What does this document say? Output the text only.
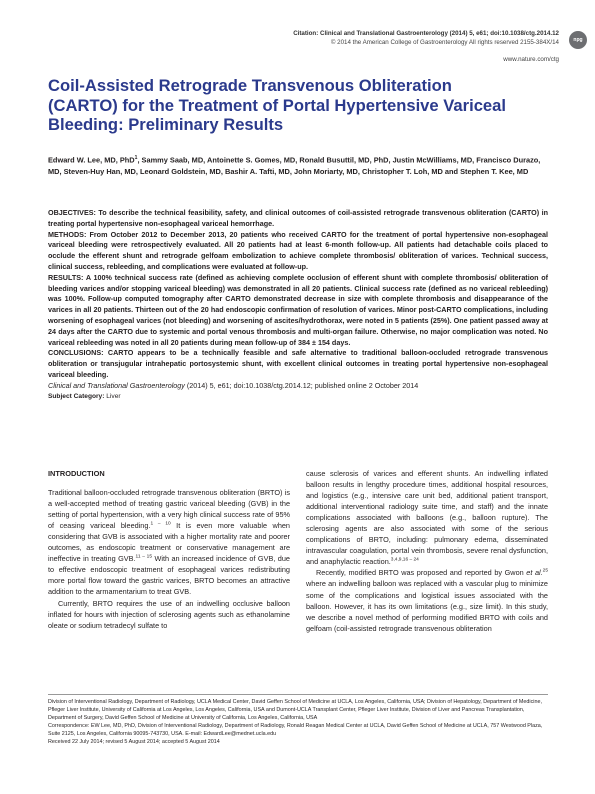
Citation: Clinical and Translational Gastroenterology (2014) 5, e61; doi:10.1038/ctg.2014.12
© 2014 the American College of Gastroenterology All rights reserved 2155-384X/14	npg
www.nature.com/ctg
Coil-Assisted Retrograde Transvenous Obliteration (CARTO) for the Treatment of Portal Hypertensive Variceal Bleeding: Preliminary Results
Edward W. Lee, MD, PhD$^1$, Sammy Saab, MD, Antoinette S. Gomes, MD, Ronald Busuttil, MD, PhD, Justin McWilliams, MD, Francisco Durazo, MD, Steven-Huy Han, MD, Leonard Goldstein, MD, Bashir A. Tafti, MD, John Moriarty, MD, Christopher T. Loh, MD and Stephen T. Kee, MD

OBJECTIVES: To describe the technical feasibility, safety, and clinical outcomes of coil-assisted retrograde transvenous obliteration (CARTO) in treating portal hypertensive non-esophageal variceal hemorrhage.

METHODS: From October 2012 to December 2013, 20 patients who received CARTO for the treatment of portal hypertensive non-esophageal variceal bleeding were retrospectively evaluated. All 20 patients had at least 6-month follow-up. All patients had detachable coils placed to occlude the efferent shunt and retrograde gelfoam embolization to achieve complete thrombosis/ obliteration of varices. Technical success, clinical success, rebleeding, and complications were evaluated at follow-up.

RESULTS: A 100% technical success rate (defined as achieving complete occlusion of efferent shunt with complete thrombosis/ obliteration of bleeding varices and/or stopping variceal bleeding) was demonstrated in all 20 patients. Clinical success rate (defined as no variceal rebleeding) was 100%. Follow-up computed tomography after CARTO demonstrated decrease in size with complete thrombosis and disappearance of the varices in all 20 patients. Thirteen out of the 20 had endoscopic confirmation of resolution of varices. Minor post-CARTO complications, including worsening of esophageal varices (not bleeding) and worsening of ascites/hydrothorax, were noted in 5 patients (25%). One patient passed away at 24 days after the CARTO due to systemic and portal venous thrombosis and multi-organ failure. Otherwise, no major complication was noted. No variceal rebleeding was noted in all 20 patients during mean follow-up of 384 ± 154 days.

CONCLUSIONS: CARTO appears to be a technically feasible and safe alternative to traditional balloon-occluded retrograde transvenous obliteration or transjugular intrahepatic portosystemic shunt, with excellent clinical outcomes in treating portal hypertensive non-esophageal variceal bleeding.

Clinical and Translational Gastroenterology (2014) 5, e61; doi:10.1038/ctg.2014.12; published online 2 October 2014

Subject Category: Liver

INTRODUCTION

Traditional balloon-occluded retrograde transvenous obliteration (BRTO) is a well-accepted method of treating gastric variceal bleeding (GVB) in the setting of portal hypertension, with a very high clinical success rate of 95% of ceasing variceal bleeding.$^{1 - 10}$ It is even more valuable when considering that GVB is associated with a higher mortality rate and poorer outcomes, as endoscopic treatment or conservative management are ineffective in treating GVB.$^{11 - 15}$ With an increased incidence of GVB, due to effective endoscopic treatment of esophageal varices redistributing more portal flow toward the gastric varices, BRTO becomes an attractive addition to the armamentarium to treat GVB.

Currently, BRTO requires the use of an indwelling occlusive balloon inflated for hours with injection of sclerosing agents such as ethanolamine oleate or sodium tetradecyl sulfate to

cause sclerosis of varices and efferent shunts. An indwelling inflated balloon results in lengthy procedure times, additional hospital resources, and logistics (e.g., intensive care unit bed, additional patient transport, additional interventional radiology suite time, and staff) and the innate complications associated with balloons (e.g., balloon rupture). The sclerosing agents are also associated with some of the serious complications of BRTO, including: pulmonary edema, disseminated intravascular coagulation, portal vein thrombosis, severe renal dysfunction, and anaphylactic reaction.$^{3,4,9,16 - 24}$

Recently, modified BRTO was proposed and reported by Gwon et al.$^{25}$ where an indwelling balloon was replaced with a vascular plug to minimize some of the complications and logistical issues associated with the balloon. However, it has its own limitations (e.g., size limit). In this study, we describe a novel method of performing modified BRTO with coils and gelfoam (coil-assisted retrograde transvenous obliteration

Division of Interventional Radiology, Department of Radiology, UCLA Medical Center, David Geffen School of Medicine at UCLA, Los Angeles, California, USA; Division of Hepatology, Department of Medicine, Pfleger Liver Institute, University of California at Los Angeles, Los Angeles, California, USA and Dumont-UCLA Transplant Center, Pfleger Liver Institute, Division of Liver and Pancreas Transplantation, Department of Surgery, David Geffen School of Medicine at University of California, Los Angeles, California, USA

Correspondence: EW Lee, MD, PhD, Division of Interventional Radiology, Department of Radiology, Ronald Reagan Medical Center at UCLA, David Geffen School of Medicine at UCLA, 757 Westwood Plaza, Suite 2125, Los Angeles, California 90095-743730, USA. E-mail: EdwardLee@mednet.ucla.edu

Received 22 July 2014; revised 5 August 2014; accepted 5 August 2014
